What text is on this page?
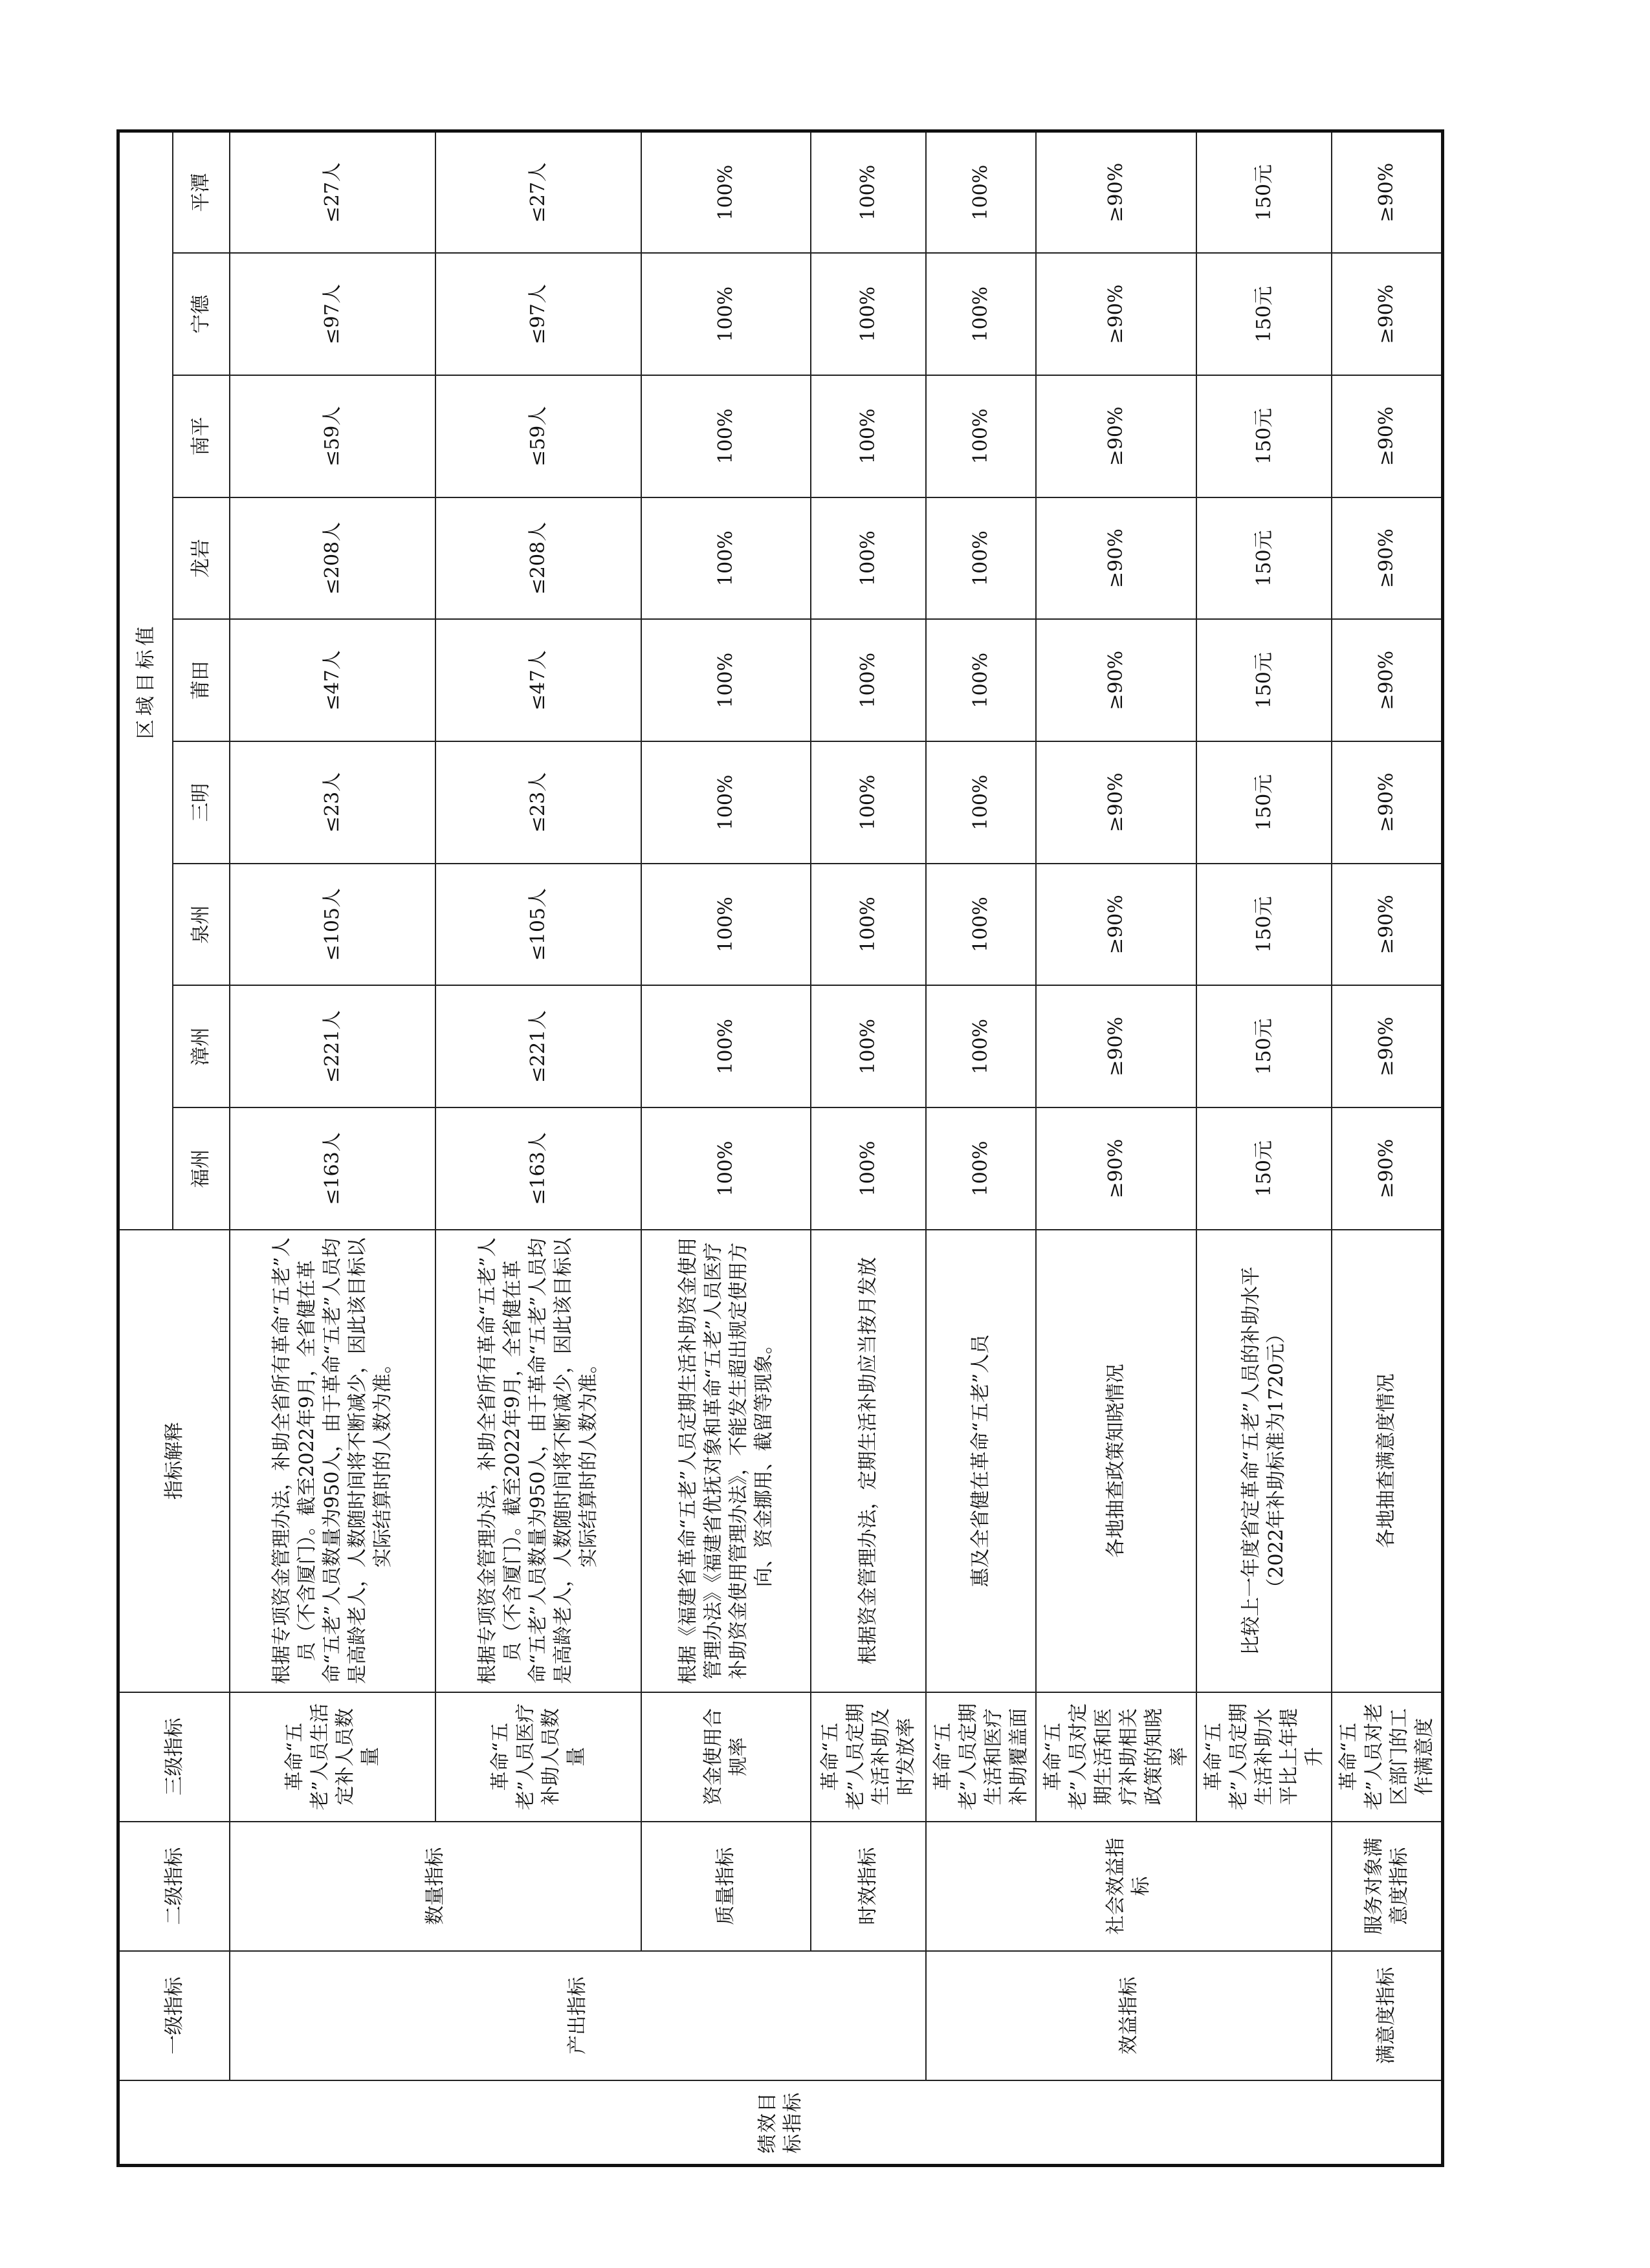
绩效目标指标	一级指标	二级指标	三级指标	指标解释	区域目标值								
					福州	漳州	泉州	三明	莆田	龙岩	南平	宁德	平潭
	产出指标	数量指标	革命“五老”人员生活定补人员数量	根据专项资金管理办法，补助全省所有革命“五老”人员（不含厦门）。截至2022年9月，全省健在革命“五老”人员数量为950人，由于革命“五老”人员均是高龄老人，人数随时间将不断减少，因此该目标以实际结算时的人数为准。	≤163人	≤221人	≤105人	≤23人	≤47人	≤208人	≤59人	≤97人	≤27人
			革命“五老”人员医疗补助人员数量	根据专项资金管理办法，补助全省所有革命“五老”人员（不含厦门）。截至2022年9月，全省健在革命“五老”人员数量为950人，由于革命“五老”人员均是高龄老人，人数随时间将不断减少，因此该目标以实际结算时的人数为准。	≤163人	≤221人	≤105人	≤23人	≤47人	≤208人	≤59人	≤97人	≤27人
		质量指标	资金使用合规率	根据《福建省革命“五老”人员定期生活补助资金使用管理办法》《福建省优抚对象和革命“五老”人员医疗补助资金使用管理办法》，不能发生超出规定使用方向、资金挪用、截留等现象。	100%	100%	100%	100%	100%	100%	100%	100%	100%
		时效指标	革命“五老”人员定期生活补助及时发放率	根据资金管理办法，定期生活补助应当按月发放	100%	100%	100%	100%	100%	100%	100%	100%	100%
	效益指标	社会效益指标	革命“五老”人员定期生活和医疗补助覆盖面	惠及全省健在革命“五老”人员	100%	100%	100%	100%	100%	100%	100%	100%	100%
			革命“五老”人员对定期生活和医疗补助相关政策的知晓率	各地抽查政策知晓情况	≥90%	≥90%	≥90%	≥90%	≥90%	≥90%	≥90%	≥90%	≥90%
			革命“五老”人员定期生活补助水平比上年提升	比较上一年度省定革命“五老”人员的补助水平（2022年补助标准为1720元）	150元	150元	150元	150元	150元	150元	150元	150元	150元
	满意度指标	服务对象满意度指标	革命“五老”人员对老区部门的工作满意度	各地抽查满意度情况	≥90%	≥90%	≥90%	≥90%	≥90%	≥90%	≥90%	≥90%	≥90%
